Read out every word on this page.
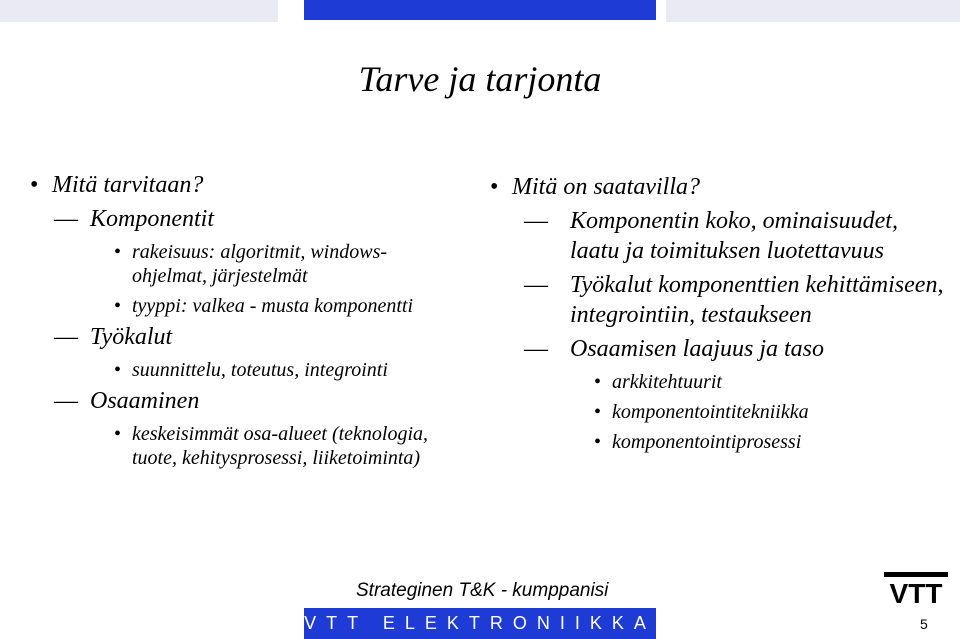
Tarve ja tarjonta
• Mitä tarvitaan?
— Komponentit
• rakeisuus: algoritmit, windows-ohjelmat, järjestelmät
• tyyppi: valkea - musta komponentti
— Työkalut
• suunnittelu, toteutus, integrointi
— Osaaminen
• keskeisimmät osa-alueet (teknologia, tuote, kehitysprosessi, liiketoiminta)
• Mitä on saatavilla?
— Komponentin koko, ominaisuudet, laatu ja toimituksen luotettavuus
— Työkalut komponenttien kehittämiseen, integrointiin, testaukseen
— Osaamisen laajuus ja taso
• arkkitehtuurit
• komponentointitekniikka
• komponentointiprosessi
Strateginen T&K - kumppanisi
VTT ELEKTRONIIKKA
VTT
5
